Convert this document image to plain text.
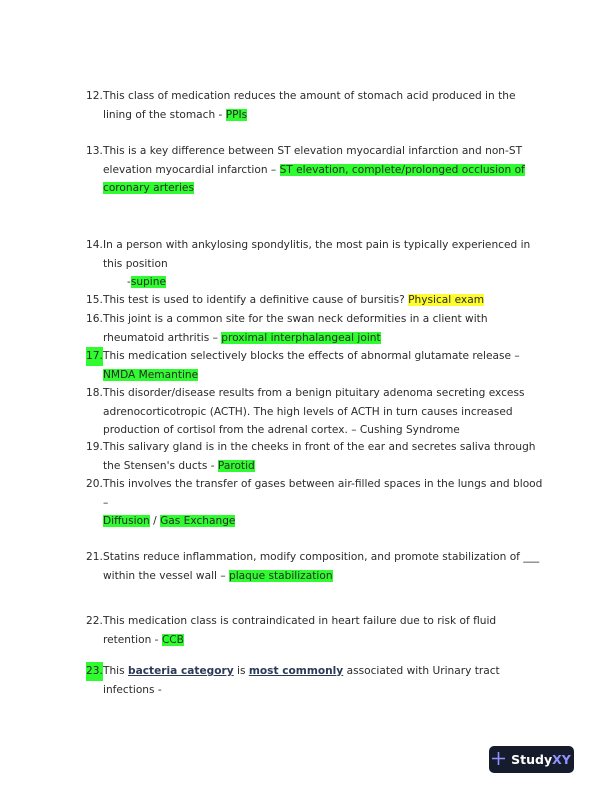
12. This class of medication reduces the amount of stomach acid produced in the lining of the stomach - PPIs
13. This is a key difference between ST elevation myocardial infarction and non-ST elevation myocardial infarction – ST elevation, complete/prolonged occlusion of coronary arteries
14. In a person with ankylosing spondylitis, the most pain is typically experienced in this position
-supine
15. This test is used to identify a definitive cause of bursitis? Physical exam
16. This joint is a common site for the swan neck deformities in a client with rheumatoid arthritis – proximal interphalangeal joint
17. This medication selectively blocks the effects of abnormal glutamate release – NMDA Memantine
18. This disorder/disease results from a benign pituitary adenoma secreting excess adrenocorticotropic (ACTH). The high levels of ACTH in turn causes increased production of cortisol from the adrenal cortex. – Cushing Syndrome
19. This salivary gland is in the cheeks in front of the ear and secretes saliva through the Stensen's ducts - Parotid
20. This involves the transfer of gases between air-filled spaces in the lungs and blood –
Diffusion / Gas Exchange
21. Statins reduce inflammation, modify composition, and promote stabilization of ___ within the vessel wall – plaque stabilization
22. This medication class is contraindicated in heart failure due to risk of fluid retention - CCB
23. This bacteria category is most commonly associated with Urinary tract infections -
StudyXY
